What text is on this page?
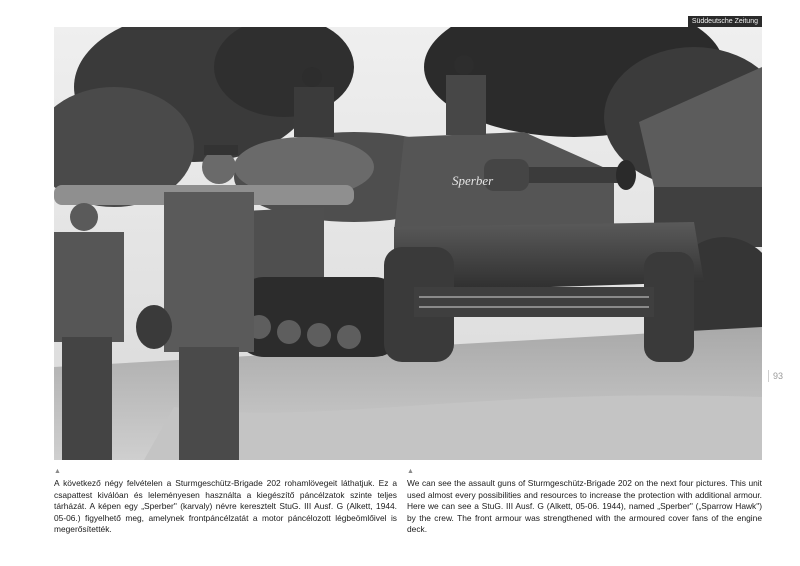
Süddeutsche Zeitung
Sperber
93
▲
A következő négy felvételen a Sturmgeschütz-Brigade 202 rohamlövegeit láthatjuk. Ez a csapattest kiválóan és leleményesen használta a kiegészítő páncélzatok szinte teljes tárházát. A képen egy „Sperber" (karvaly) névre keresztelt StuG. III Ausf. G (Alkett, 1944. 05-06.) figyelhető meg, amelynek frontpáncélzatát a motor páncélozott légbeömlőivel is megerősítették.
▲
We can see the assault guns of Sturmgeschütz-Brigade 202 on the next four pictures. This unit used almost every possibilities and resources to increase the protection with additional armour. Here we can see a StuG. III Ausf. G (Alkett, 05-06. 1944), named „Sperber" („Sparrow Hawk") by the crew. The front armour was strengthened with the armoured cover fans of the engine deck.
